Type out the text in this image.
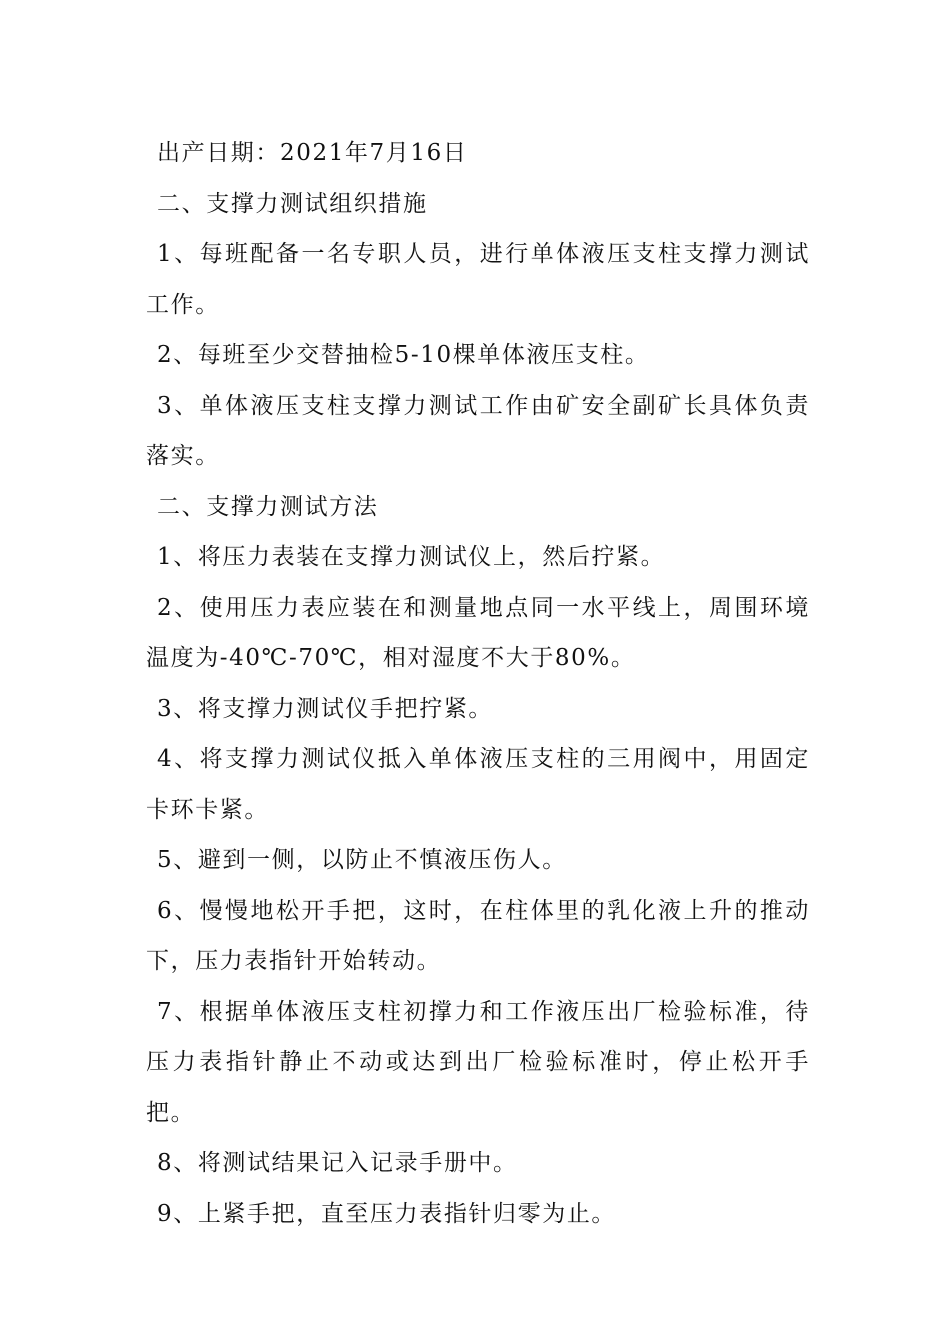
出产日期：2021年7月16日

二、支撑力测试组织措施

1、每班配备一名专职人员，进行单体液压支柱支撑力测试工作。

2、每班至少交替抽检5-10棵单体液压支柱。

3、单体液压支柱支撑力测试工作由矿安全副矿长具体负责落实。

二、支撑力测试方法

1、将压力表装在支撑力测试仪上，然后拧紧。

2、使用压力表应装在和测量地点同一水平线上，周围环境温度为-40℃-70℃，相对湿度不大于80%。

3、将支撑力测试仪手把拧紧。

4、将支撑力测试仪抵入单体液压支柱的三用阀中，用固定卡环卡紧。

5、避到一侧，以防止不慎液压伤人。

6、慢慢地松开手把，这时，在柱体里的乳化液上升的推动下，压力表指针开始转动。

7、根据单体液压支柱初撑力和工作液压出厂检验标准，待压力表指针静止不动或达到出厂检验标准时，停止松开手把。

8、将测试结果记入记录手册中。

9、上紧手把，直至压力表指针归零为止。
